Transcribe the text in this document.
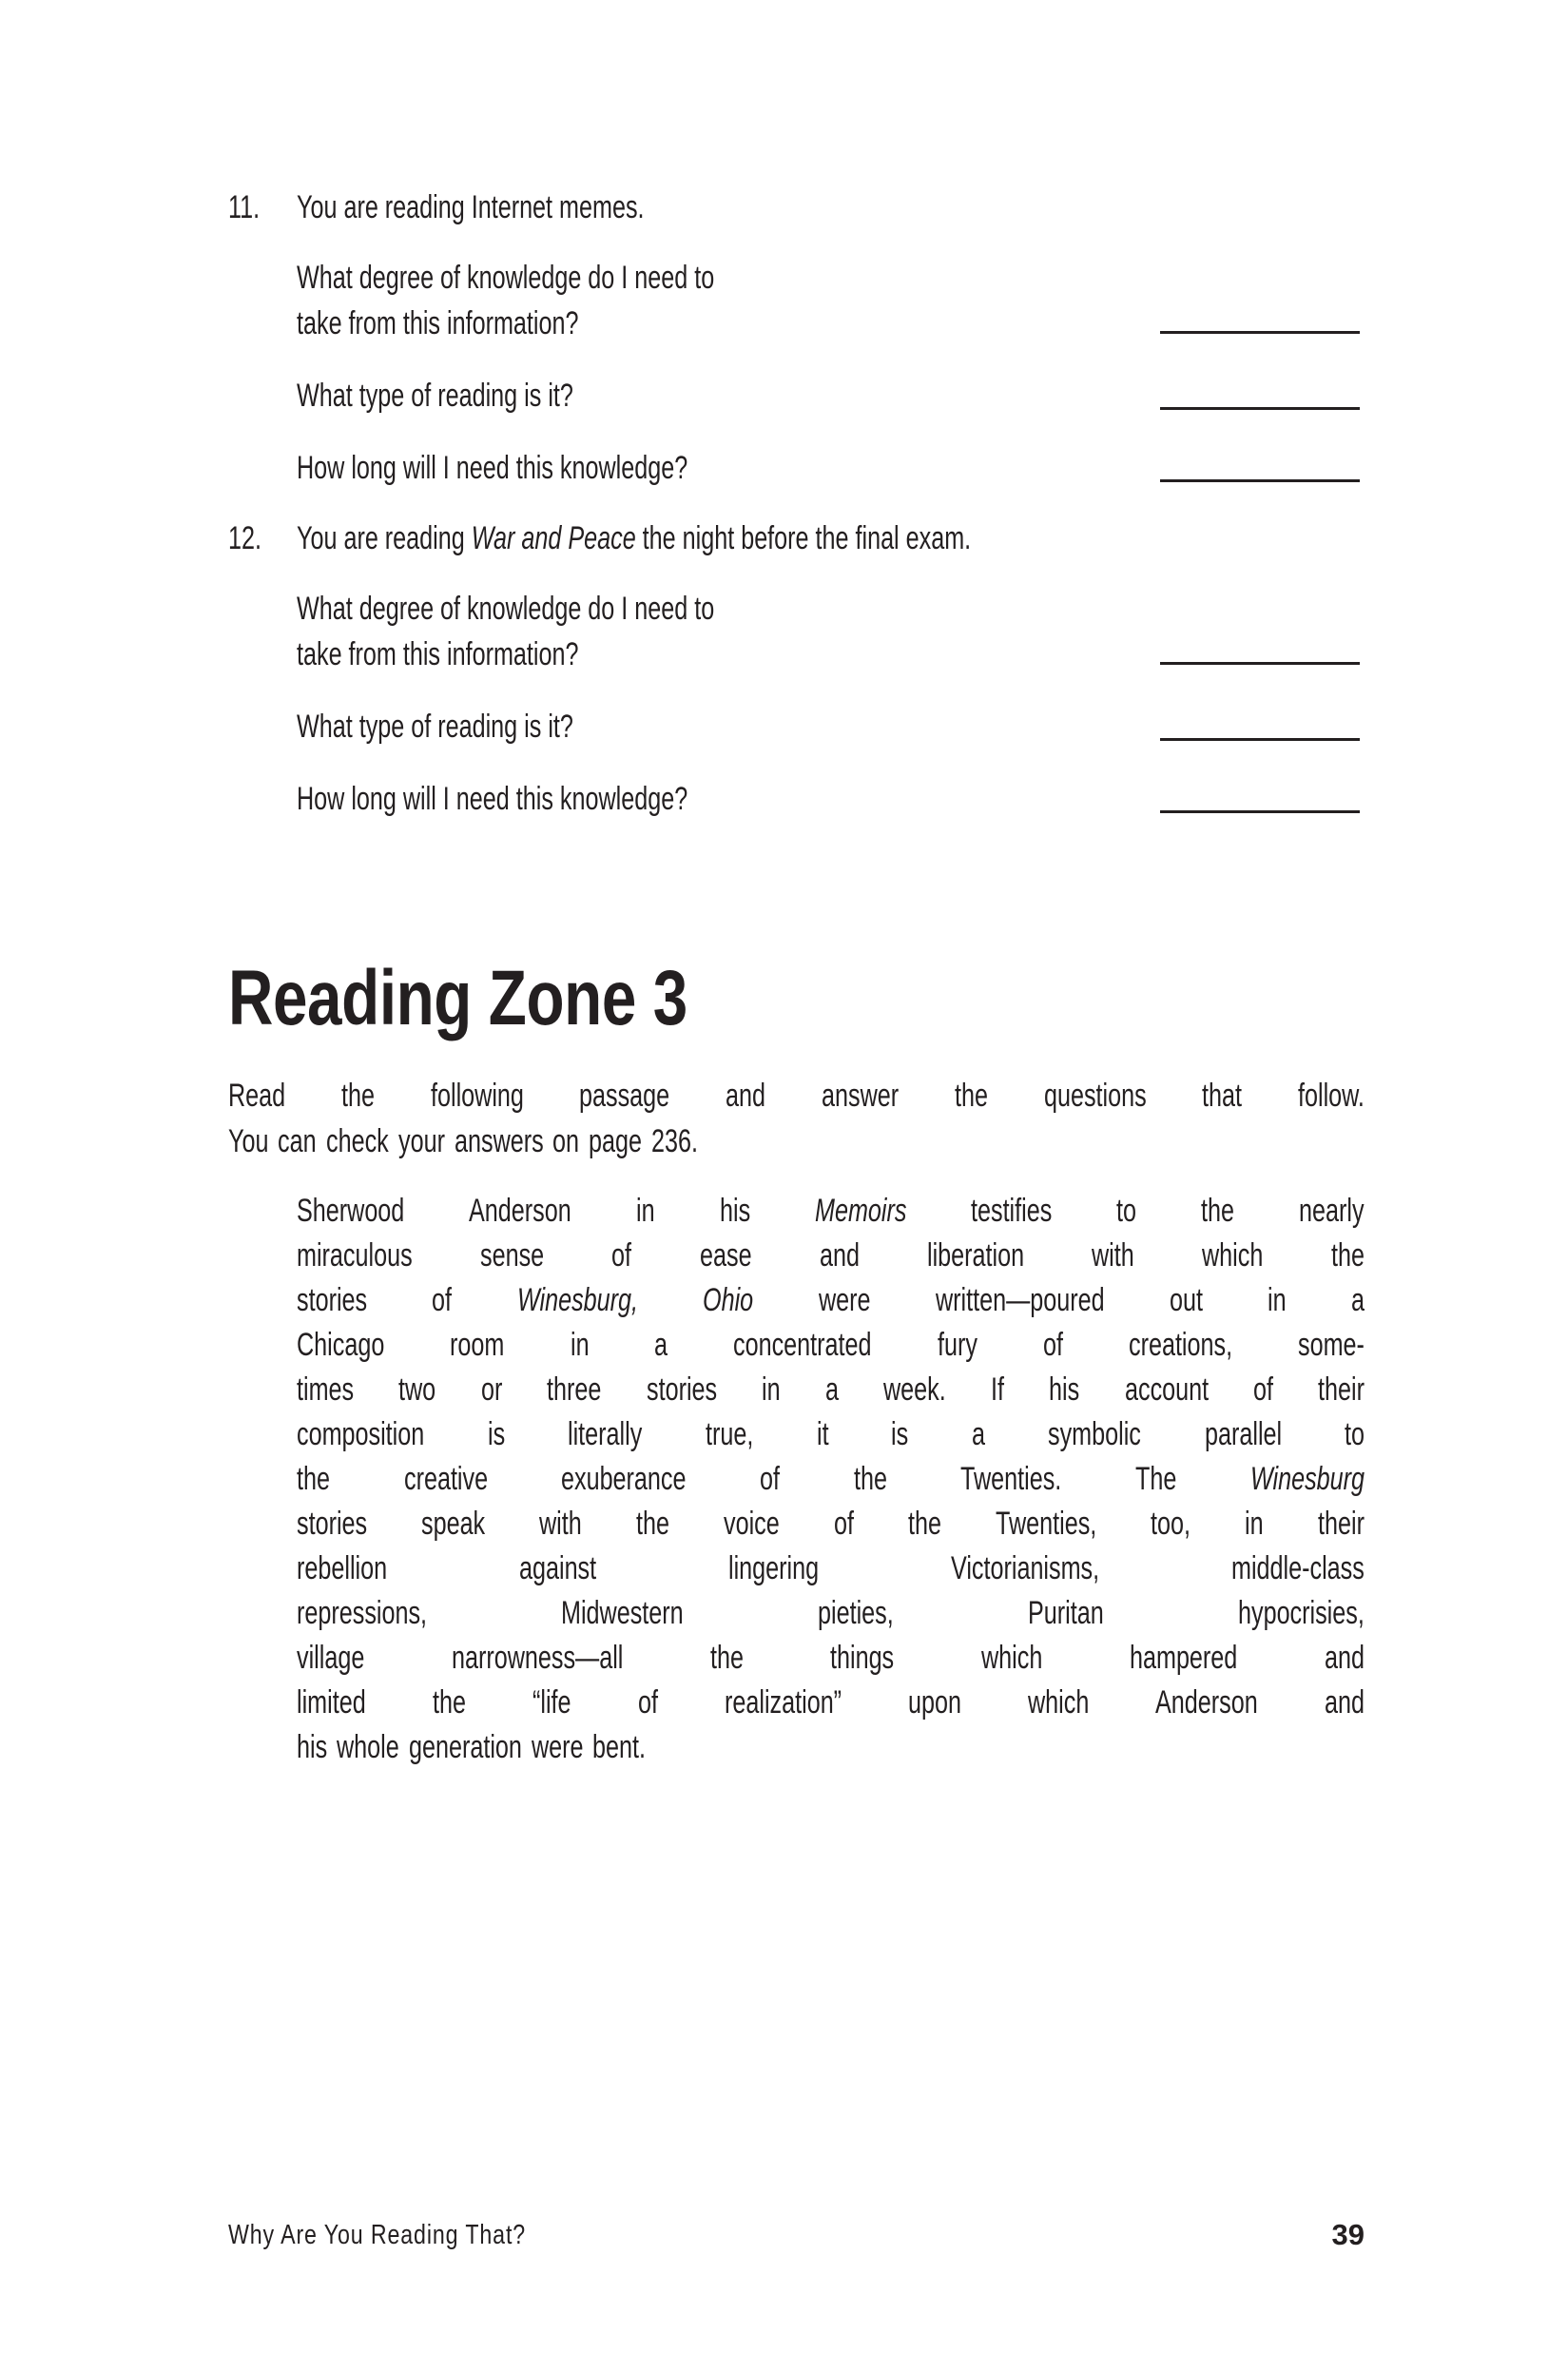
11.	You are reading Internet memes.
What degree of knowledge do I need to
take from this information?
What type of reading is it?
How long will I need this knowledge?
12.	You are reading War and Peace the night before the final exam.
What degree of knowledge do I need to
take from this information?
What type of reading is it?
How long will I need this knowledge?
Reading Zone 3
Read the following passage and answer the questions that follow.
You can check your answers on page 236.
Sherwood Anderson in his Memoirs testifies to the nearly
miraculous sense of ease and liberation with which the
stories of Winesburg, Ohio were written—poured out in a
Chicago room in a concentrated fury of creations, some-
times two or three stories in a week. If his account of their
composition is literally true, it is a symbolic parallel to
the creative exuberance of the Twenties. The Winesburg
stories speak with the voice of the Twenties, too, in their
rebellion	against	lingering	Victorianisms,	middle-class
repressions,	Midwestern	pieties,	Puritan	hypocrisies,
village	narrowness—all	the	things	which	hampered	and
limited the “life of realization” upon which Anderson and
his whole generation were bent.
Why Are You Reading That?	39
